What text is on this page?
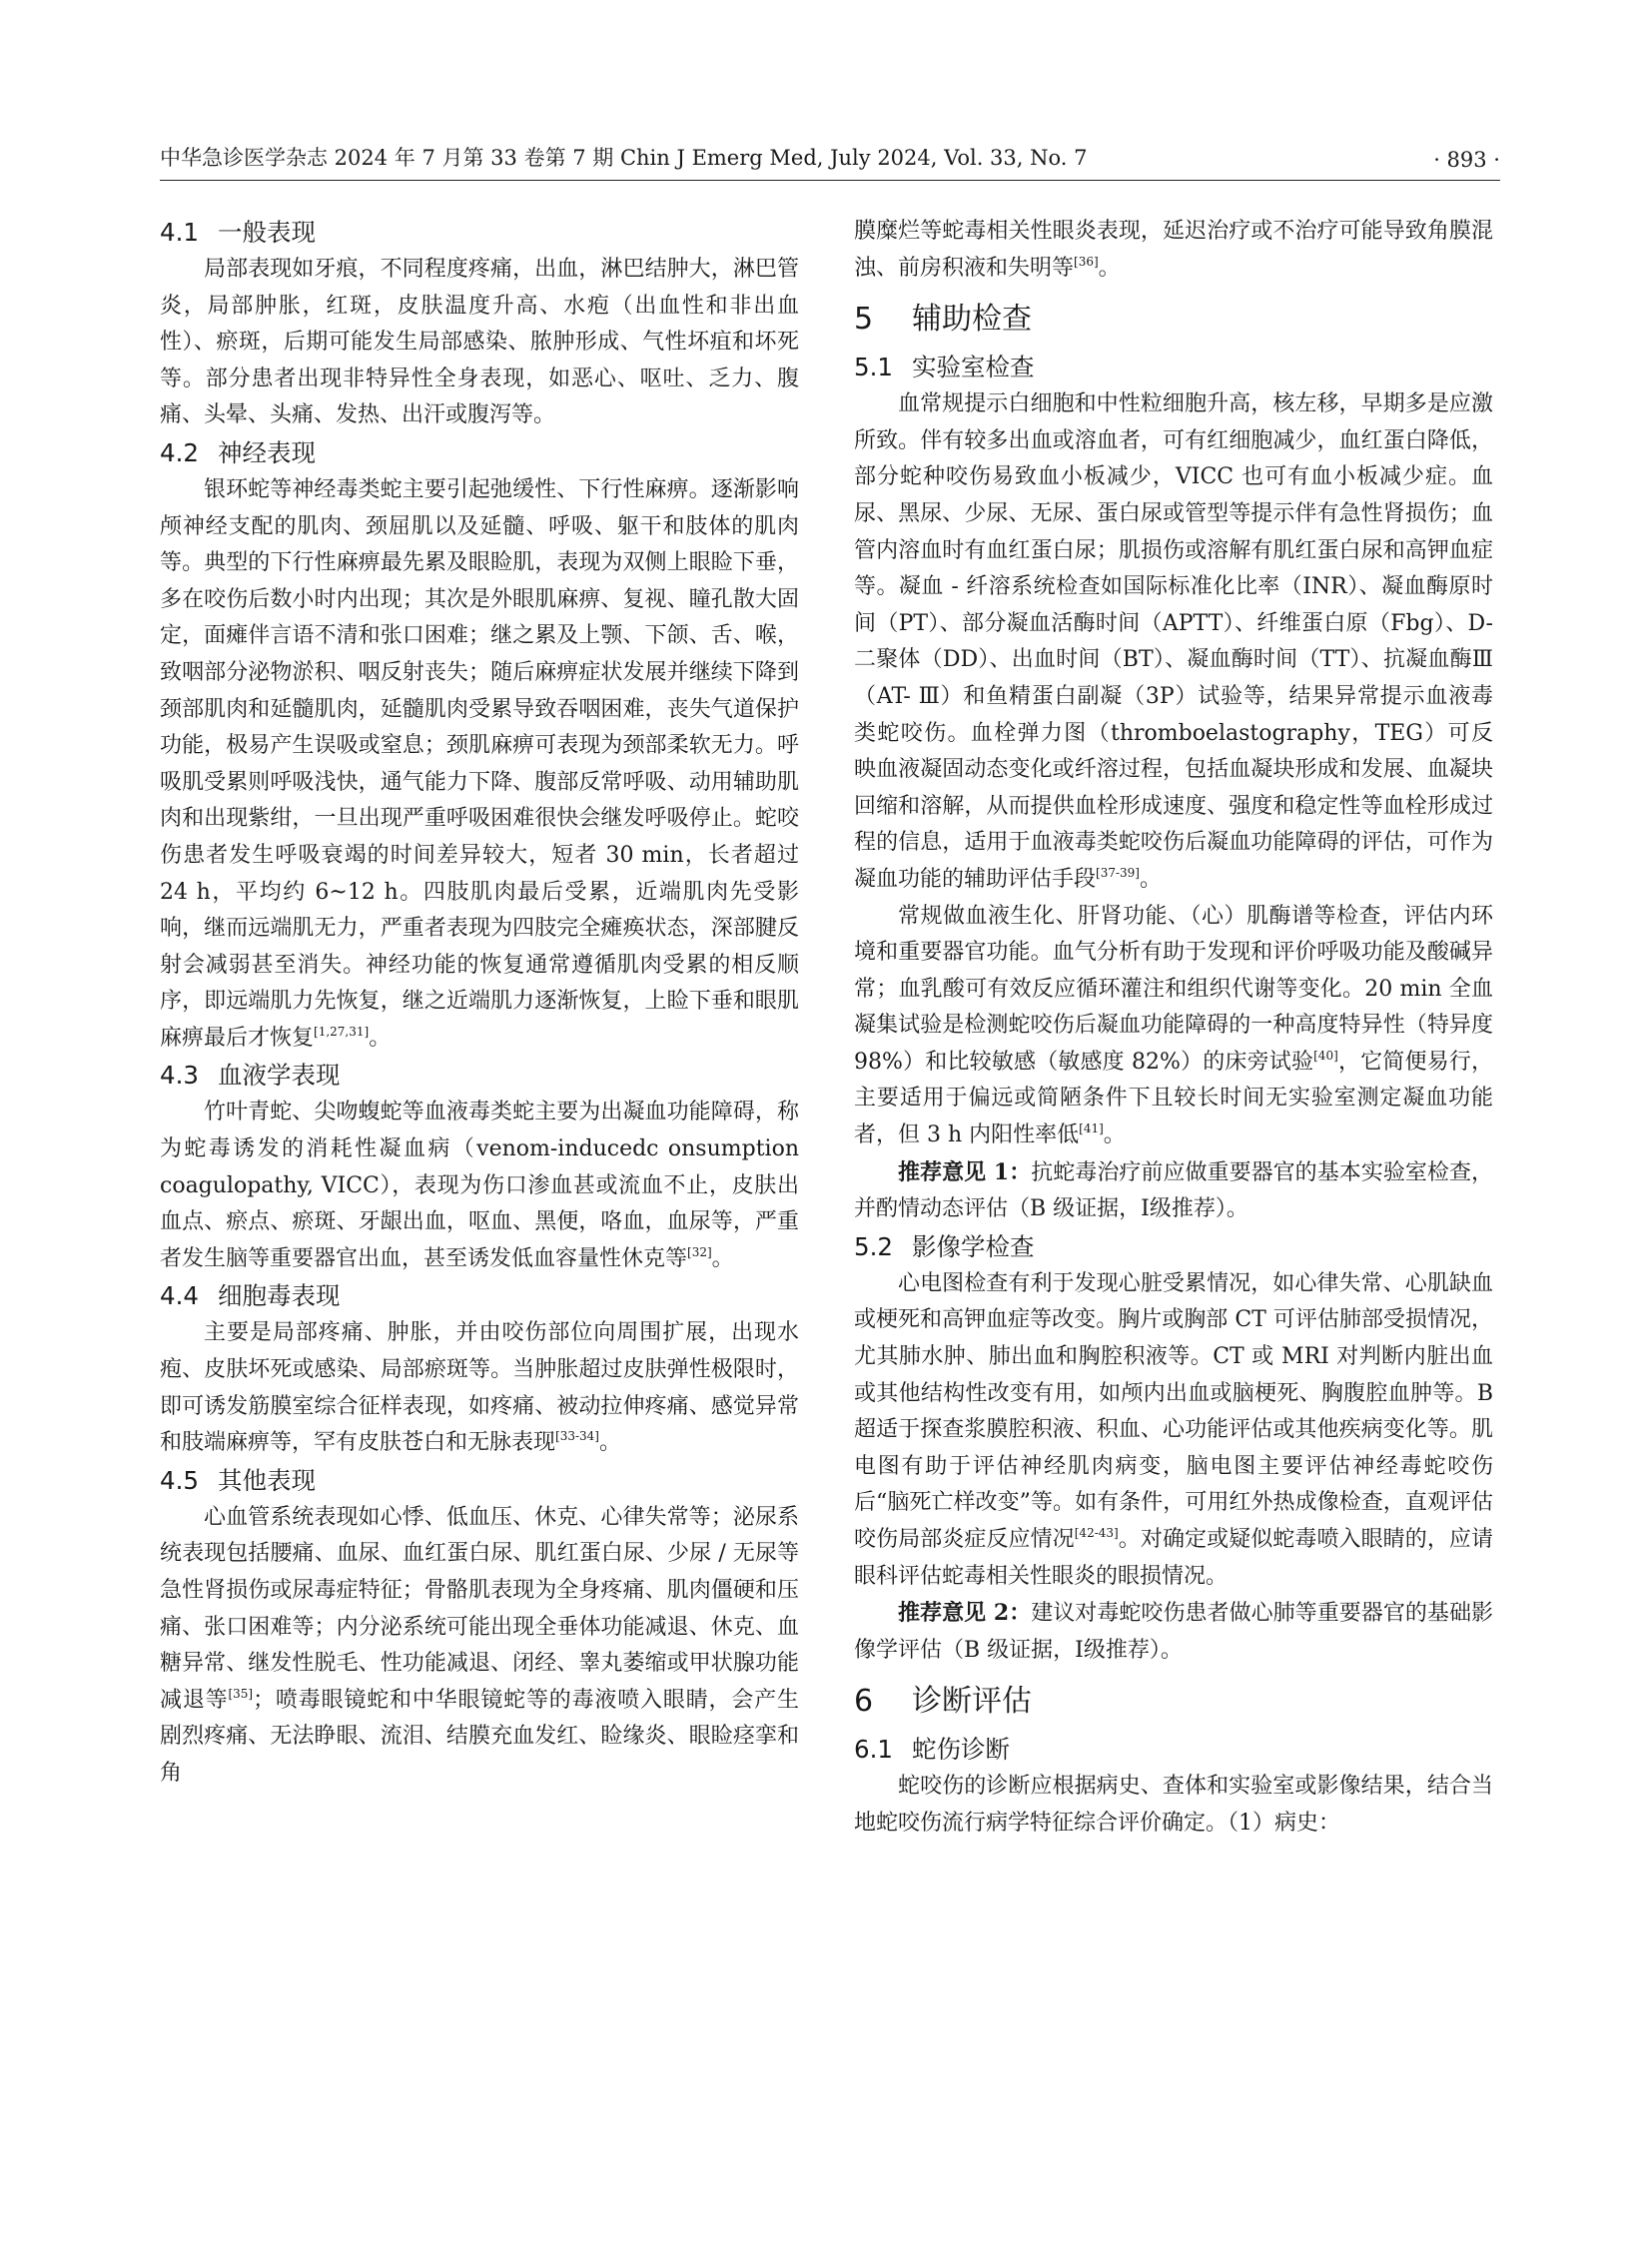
中华急诊医学杂志 2024 年 7 月第 33 卷第 7 期 Chin J Emerg Med, July 2024, Vol. 33, No. 7	· 893 ·
4.1 一般表现

局部表现如牙痕，不同程度疼痛，出血，淋巴结肿大，淋巴管炎，局部肿胀，红斑，皮肤温度升高、水疱（出血性和非出血性）、瘀斑，后期可能发生局部感染、脓肿形成、气性坏疽和坏死等。部分患者出现非特异性全身表现，如恶心、呕吐、乏力、腹痛、头晕、头痛、发热、出汗或腹泻等。

4.2 神经表现

银环蛇等神经毒类蛇主要引起弛缓性、下行性麻痹。逐渐影响颅神经支配的肌肉、颈屈肌以及延髓、呼吸、躯干和肢体的肌肉等。典型的下行性麻痹最先累及眼睑肌，表现为双侧上眼睑下垂，多在咬伤后数小时内出现；其次是外眼肌麻痹、复视、瞳孔散大固定，面瘫伴言语不清和张口困难；继之累及上颚、下颌、舌、喉，致咽部分泌物淤积、咽反射丧失；随后麻痹症状发展并继续下降到颈部肌肉和延髓肌肉，延髓肌肉受累导致吞咽困难，丧失气道保护功能，极易产生误吸或窒息；颈肌麻痹可表现为颈部柔软无力。呼吸肌受累则呼吸浅快，通气能力下降、腹部反常呼吸、动用辅助肌肉和出现紫绀，一旦出现严重呼吸困难很快会继发呼吸停止。蛇咬伤患者发生呼吸衰竭的时间差异较大，短者 30 min，长者超过 24 h，平均约 6~12 h。四肢肌肉最后受累，近端肌肉先受影响，继而远端肌无力，严重者表现为四肢完全瘫痪状态，深部腱反射会减弱甚至消失。神经功能的恢复通常遵循肌肉受累的相反顺序，即远端肌力先恢复，继之近端肌力逐渐恢复，上睑下垂和眼肌麻痹最后才恢复[1,27,31]。

4.3 血液学表现

竹叶青蛇、尖吻蝮蛇等血液毒类蛇主要为出凝血功能障碍，称为蛇毒诱发的消耗性凝血病（venom-inducedc onsumption coagulopathy, VICC），表现为伤口渗血甚或流血不止，皮肤出血点、瘀点、瘀斑、牙龈出血，呕血、黑便，咯血，血尿等，严重者发生脑等重要器官出血，甚至诱发低血容量性休克等[32]。

4.4 细胞毒表现

主要是局部疼痛、肿胀，并由咬伤部位向周围扩展，出现水疱、皮肤坏死或感染、局部瘀斑等。当肿胀超过皮肤弹性极限时，即可诱发筋膜室综合征样表现，如疼痛、被动拉伸疼痛、感觉异常和肢端麻痹等，罕有皮肤苍白和无脉表现[33-34]。

4.5 其他表现

心血管系统表现如心悸、低血压、休克、心律失常等；泌尿系统表现包括腰痛、血尿、血红蛋白尿、肌红蛋白尿、少尿 / 无尿等急性肾损伤或尿毒症特征；骨骼肌表现为全身疼痛、肌肉僵硬和压痛、张口困难等；内分泌系统可能出现全垂体功能减退、休克、血糖异常、继发性脱毛、性功能减退、闭经、睾丸萎缩或甲状腺功能减退等[35]；喷毒眼镜蛇和中华眼镜蛇等的毒液喷入眼睛，会产生剧烈疼痛、无法睁眼、流泪、结膜充血发红、睑缘炎、眼睑痉挛和角

膜糜烂等蛇毒相关性眼炎表现，延迟治疗或不治疗可能导致角膜混浊、前房积液和失明等[36]。

5 辅助检查
5.1 实验室检查

血常规提示白细胞和中性粒细胞升高，核左移，早期多是应激所致。伴有较多出血或溶血者，可有红细胞减少，血红蛋白降低，部分蛇种咬伤易致血小板减少，VICC 也可有血小板减少症。血尿、黑尿、少尿、无尿、蛋白尿或管型等提示伴有急性肾损伤；血管内溶血时有血红蛋白尿；肌损伤或溶解有肌红蛋白尿和高钾血症等。凝血 - 纤溶系统检查如国际标准化比率（INR）、凝血酶原时间（PT）、部分凝血活酶时间（APTT）、纤维蛋白原（Fbg）、D- 二聚体（DD）、出血时间（BT）、凝血酶时间（TT）、抗凝血酶Ⅲ（AT- Ⅲ）和鱼精蛋白副凝（3P）试验等，结果异常提示血液毒类蛇咬伤。血栓弹力图（thromboelastography，TEG）可反映血液凝固动态变化或纤溶过程，包括血凝块形成和发展、血凝块回缩和溶解，从而提供血栓形成速度、强度和稳定性等血栓形成过程的信息，适用于血液毒类蛇咬伤后凝血功能障碍的评估，可作为凝血功能的辅助评估手段[37-39]。

常规做血液生化、肝肾功能、（心）肌酶谱等检查，评估内环境和重要器官功能。血气分析有助于发现和评价呼吸功能及酸碱异常；血乳酸可有效反应循环灌注和组织代谢等变化。20 min 全血凝集试验是检测蛇咬伤后凝血功能障碍的一种高度特异性（特异度 98%）和比较敏感（敏感度 82%）的床旁试验[40]，它简便易行，主要适用于偏远或简陋条件下且较长时间无实验室测定凝血功能者，但 3 h 内阳性率低[41]。

推荐意见 1：抗蛇毒治疗前应做重要器官的基本实验室检查，并酌情动态评估（B 级证据，Ⅰ级推荐）。

5.2 影像学检查

心电图检查有利于发现心脏受累情况，如心律失常、心肌缺血或梗死和高钾血症等改变。胸片或胸部 CT 可评估肺部受损情况，尤其肺水肿、肺出血和胸腔积液等。CT 或 MRI 对判断内脏出血或其他结构性改变有用，如颅内出血或脑梗死、胸腹腔血肿等。B 超适于探查浆膜腔积液、积血、心功能评估或其他疾病变化等。肌电图有助于评估神经肌肉病变，脑电图主要评估神经毒蛇咬伤后“脑死亡样改变”等。如有条件，可用红外热成像检查，直观评估咬伤局部炎症反应情况[42-43]。对确定或疑似蛇毒喷入眼睛的，应请眼科评估蛇毒相关性眼炎的眼损情况。

推荐意见 2：建议对毒蛇咬伤患者做心肺等重要器官的基础影像学评估（B 级证据，Ⅰ级推荐）。

6 诊断评估
6.1 蛇伤诊断

蛇咬伤的诊断应根据病史、查体和实验室或影像结果，结合当地蛇咬伤流行病学特征综合评价确定。（1）病史：
